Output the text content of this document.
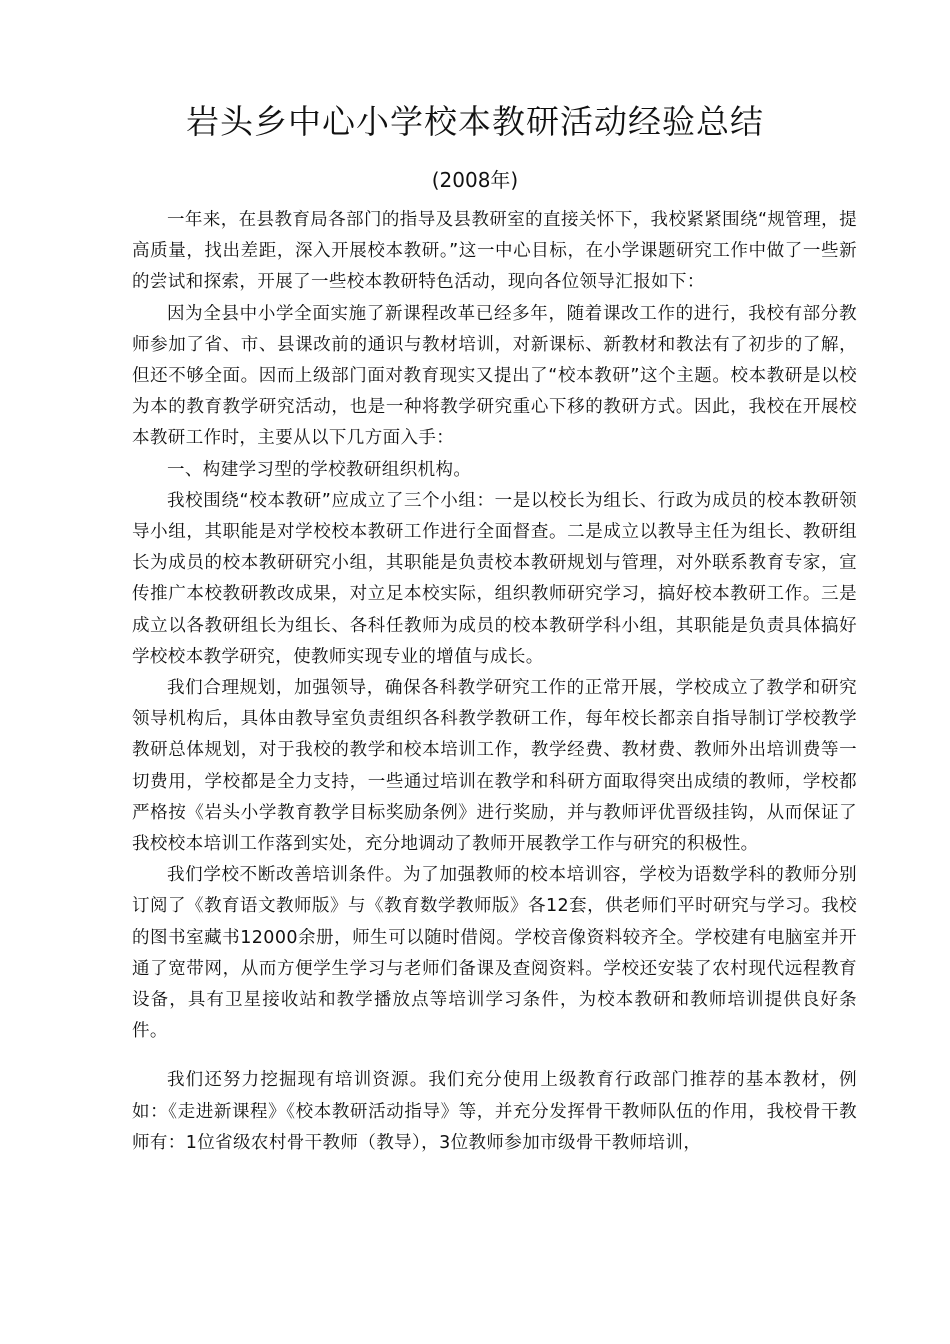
岩头乡中心小学校本教研活动经验总结
(2008年)

一年来，在县教育局各部门的指导及县教研室的直接关怀下，我校紧紧围绕“规管理，提高质量，找出差距，深入开展校本教研。”这一中心目标，在小学课题研究工作中做了一些新的尝试和探索，开展了一些校本教研特色活动，现向各位领导汇报如下：

因为全县中小学全面实施了新课程改革已经多年，随着课改工作的进行，我校有部分教师参加了省、市、县课改前的通识与教材培训，对新课标、新教材和教法有了初步的了解，但还不够全面。因而上级部门面对教育现实又提出了“校本教研”这个主题。校本教研是以校为本的教育教学研究活动，也是一种将教学研究重心下移的教研方式。因此，我校在开展校本教研工作时，主要从以下几方面入手：

一、构建学习型的学校教研组织机构。

我校围绕“校本教研”应成立了三个小组：一是以校长为组长、行政为成员的校本教研领导小组，其职能是对学校校本教研工作进行全面督查。二是成立以教导主任为组长、教研组长为成员的校本教研研究小组，其职能是负责校本教研规划与管理，对外联系教育专家，宣传推广本校教研教改成果，对立足本校实际，组织教师研究学习，搞好校本教研工作。三是成立以各教研组长为组长、各科任教师为成员的校本教研学科小组，其职能是负责具体搞好学校校本教学研究，使教师实现专业的增值与成长。

我们合理规划，加强领导，确保各科教学研究工作的正常开展，学校成立了教学和研究领导机构后，具体由教导室负责组织各科教学教研工作，每年校长都亲自指导制订学校教学教研总体规划，对于我校的教学和校本培训工作，教学经费、教材费、教师外出培训费等一切费用，学校都是全力支持，一些通过培训在教学和科研方面取得突出成绩的教师，学校都严格按《岩头小学教育教学目标奖励条例》进行奖励，并与教师评优晋级挂钩，从而保证了我校校本培训工作落到实处，充分地调动了教师开展教学工作与研究的积极性。

我们学校不断改善培训条件。为了加强教师的校本培训容，学校为语数学科的教师分别订阅了《教育语文教师版》与《教育数学教师版》各12套，供老师们平时研究与学习。我校的图书室藏书12000余册，师生可以随时借阅。学校音像资料较齐全。学校建有电脑室并开通了宽带网，从而方便学生学习与老师们备课及查阅资料。学校还安装了农村现代远程教育设备，具有卫星接收站和教学播放点等培训学习条件，为校本教研和教师培训提供良好条件。

我们还努力挖掘现有培训资源。我们充分使用上级教育行政部门推荐的基本教材，例如：《走进新课程》《校本教研活动指导》等，并充分发挥骨干教师队伍的作用，我校骨干教师有：1位省级农村骨干教师（教导），3位教师参加市级骨干教师培训，
